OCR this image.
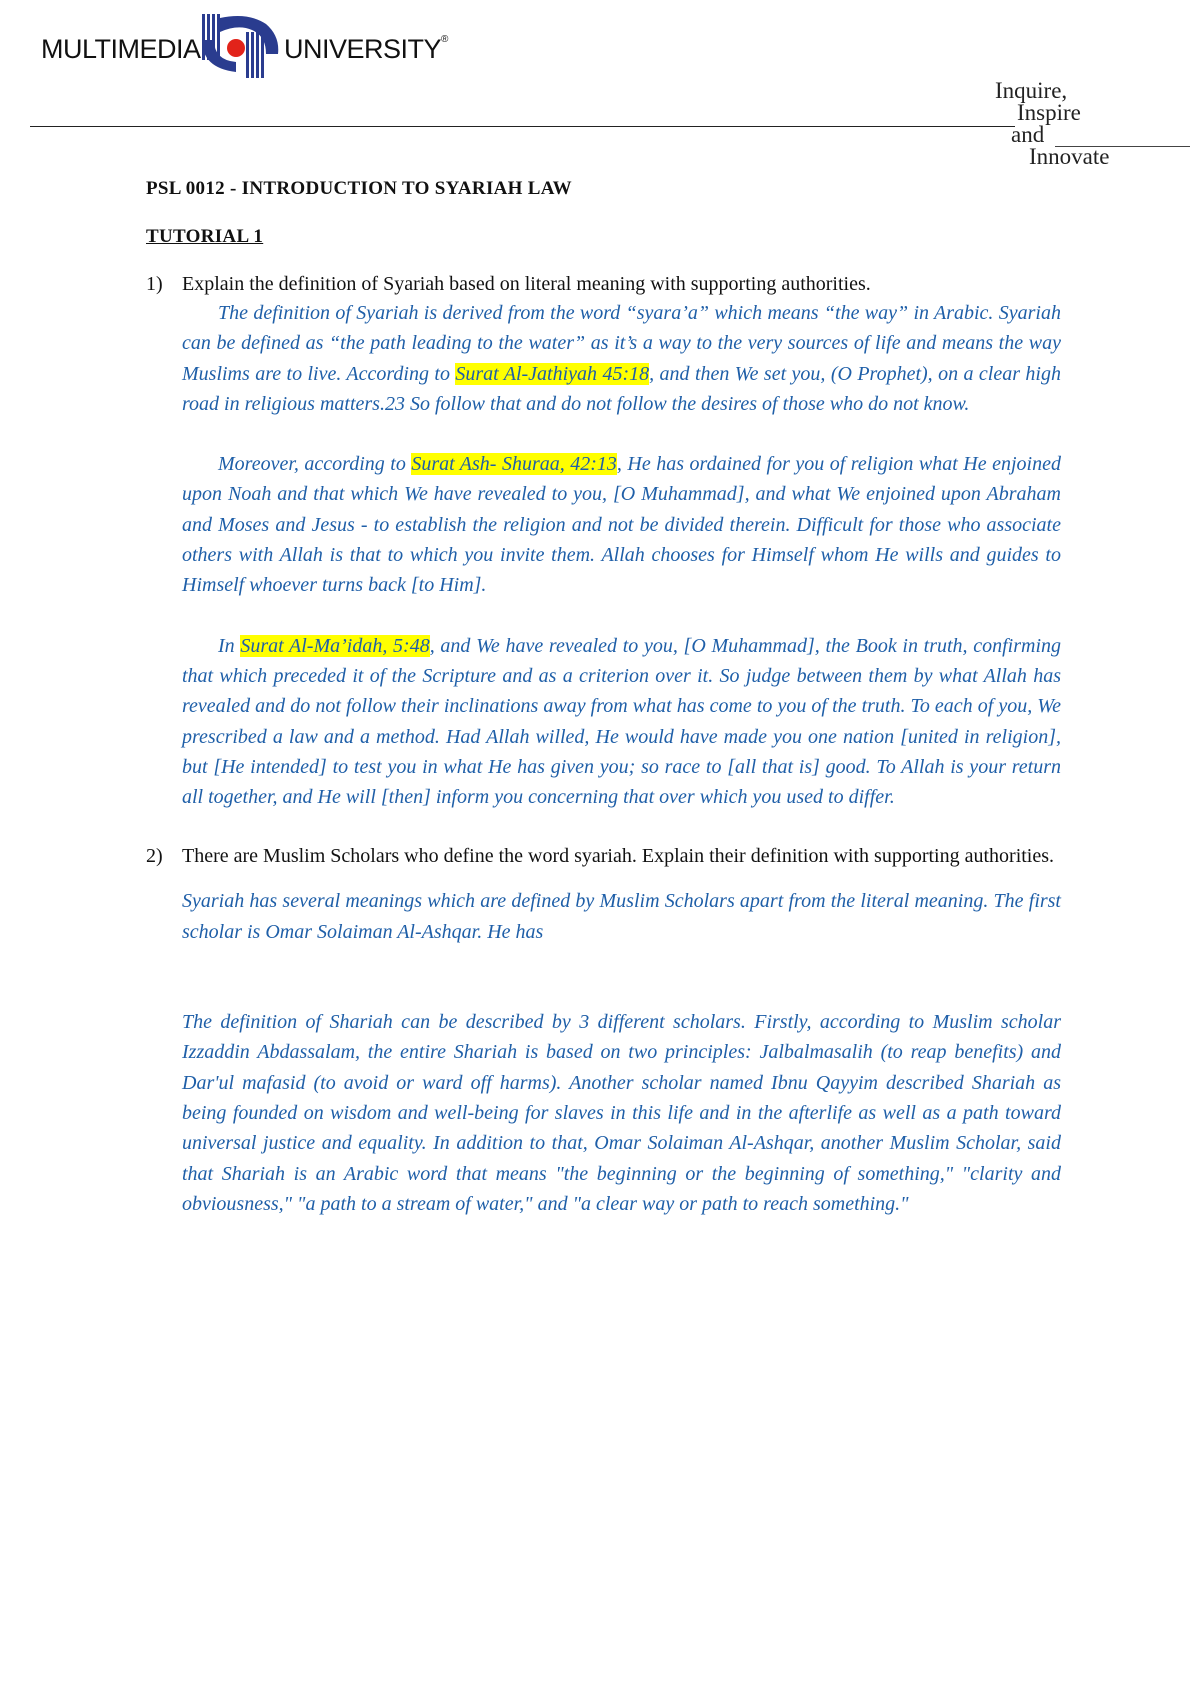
MULTIMEDIA	UNIVERSITY®
Inquire,
Inspire
and
Innovate

PSL 0012 - INTRODUCTION TO SYARIAH LAW

TUTORIAL 1

1) Explain the definition of Syariah based on literal meaning with supporting authorities.

The definition of Syariah is derived from the word “syara’a” which means “the way” in Arabic. Syariah can be defined as “the path leading to the water” as it’s a way to the very sources of life and means the way Muslims are to live. According to Surat Al-Jathiyah 45:18, and then We set you, (O Prophet), on a clear high road in religious matters.23 So follow that and do not follow the desires of those who do not know.

Moreover, according to Surat Ash- Shuraa, 42:13, He has ordained for you of religion what He enjoined upon Noah and that which We have revealed to you, [O Muhammad], and what We enjoined upon Abraham and Moses and Jesus - to establish the religion and not be divided therein. Difficult for those who associate others with Allah is that to which you invite them. Allah chooses for Himself whom He wills and guides to Himself whoever turns back [to Him].

In Surat Al-Ma’idah, 5:48, and We have revealed to you, [O Muhammad], the Book in truth, confirming that which preceded it of the Scripture and as a criterion over it. So judge between them by what Allah has revealed and do not follow their inclinations away from what has come to you of the truth. To each of you, We prescribed a law and a method. Had Allah willed, He would have made you one nation [united in religion], but [He intended] to test you in what He has given you; so race to [all that is] good. To Allah is your return all together, and He will [then] inform you concerning that over which you used to differ.

2) There are Muslim Scholars who define the word syariah. Explain their definition with supporting authorities.

Syariah has several meanings which are defined by Muslim Scholars apart from the literal meaning. The first scholar is Omar Solaiman Al-Ashqar. He has

The definition of Shariah can be described by 3 different scholars. Firstly, according to Muslim scholar Izzaddin Abdassalam, the entire Shariah is based on two principles: Jalbalmasalih (to reap benefits) and Dar'ul mafasid (to avoid or ward off harms). Another scholar named Ibnu Qayyim described Shariah as being founded on wisdom and well-being for slaves in this life and in the afterlife as well as a path toward universal justice and equality. In addition to that, Omar Solaiman Al-Ashqar, another Muslim Scholar, said that Shariah is an Arabic word that means "the beginning or the beginning of something," "clarity and obviousness," "a path to a stream of water," and "a clear way or path to reach something."
